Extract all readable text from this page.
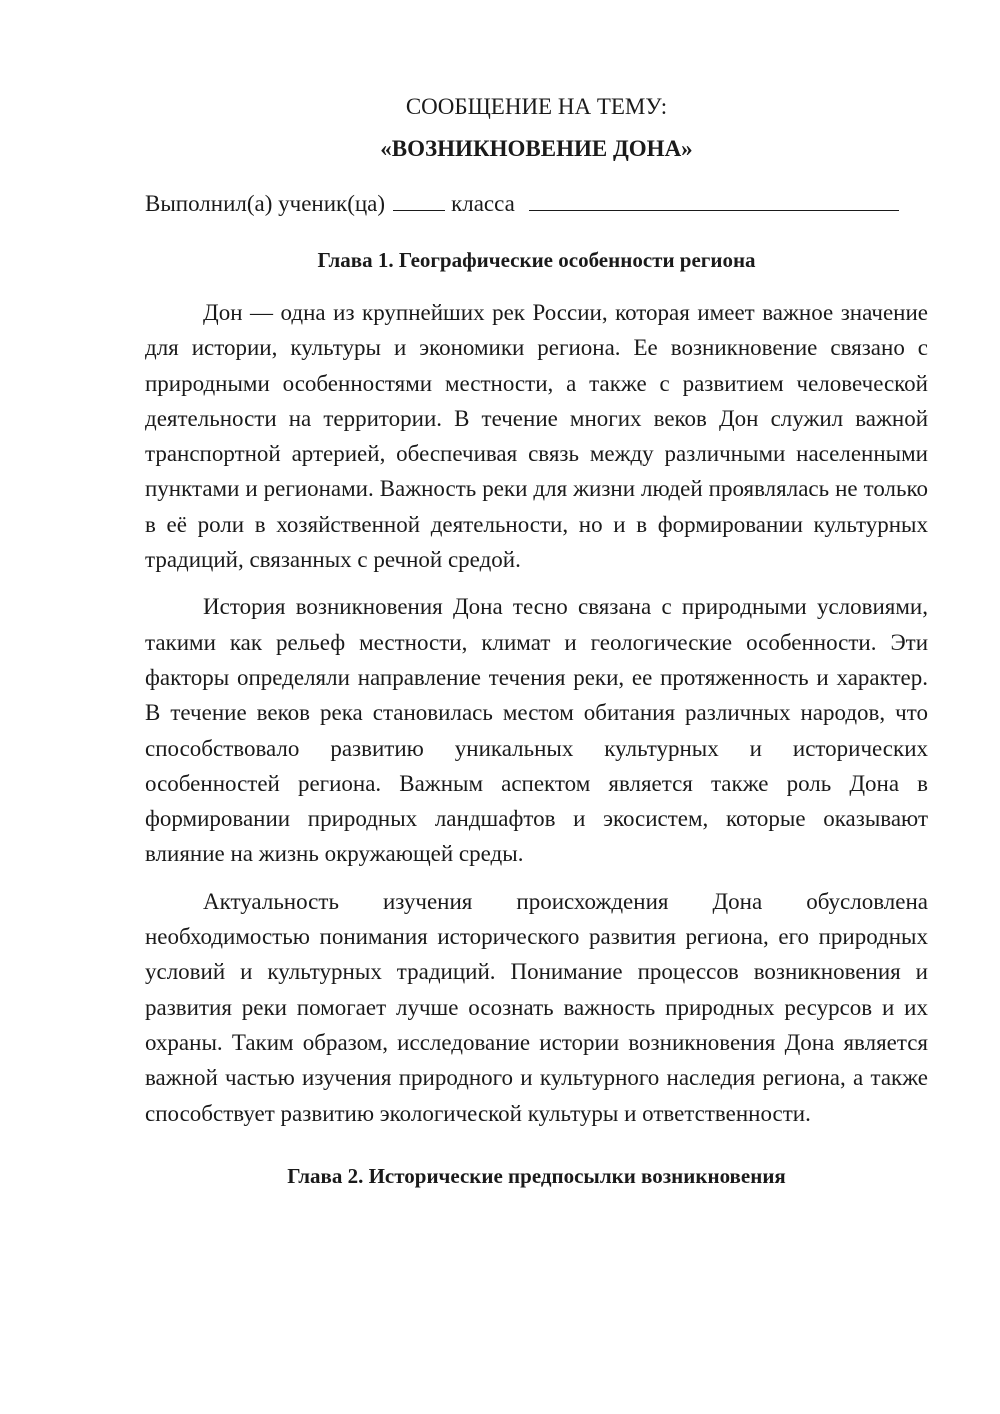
СООБЩЕНИЕ НА ТЕМУ:

«ВОЗНИКНОВЕНИЕ ДОНА»

Выполнил(а) ученик(ца)	класса
Глава 1. Географические особенности региона

Дон — одна из крупнейших рек России, которая имеет важное значение для истории, культуры и экономики региона. Ее возникновение связано с природными особенностями местности, а также с развитием человеческой деятельности на территории. В течение многих веков Дон служил важной транспортной артерией, обеспечивая связь между различными населенными пунктами и регионами. Важность реки для жизни людей проявлялась не только в её роли в хозяйственной деятельности, но и в формировании культурных традиций, связанных с речной средой.

История возникновения Дона тесно связана с природными условиями, такими как рельеф местности, климат и геологические особенности. Эти факторы определяли направление течения реки, ее протяженность и характер. В течение веков река становилась местом обитания различных народов, что способствовало развитию уникальных культурных и исторических особенностей региона. Важным аспектом является также роль Дона в формировании природных ландшафтов и экосистем, которые оказывают влияние на жизнь окружающей среды.

Актуальность изучения происхождения Дона обусловлена необходимостью понимания исторического развития региона, его природных условий и культурных традиций. Понимание процессов возникновения и развития реки помогает лучше осознать важность природных ресурсов и их охраны. Таким образом, исследование истории возникновения Дона является важной частью изучения природного и культурного наследия региона, а также способствует развитию экологической культуры и ответственности.

Глава 2. Исторические предпосылки возникновения
